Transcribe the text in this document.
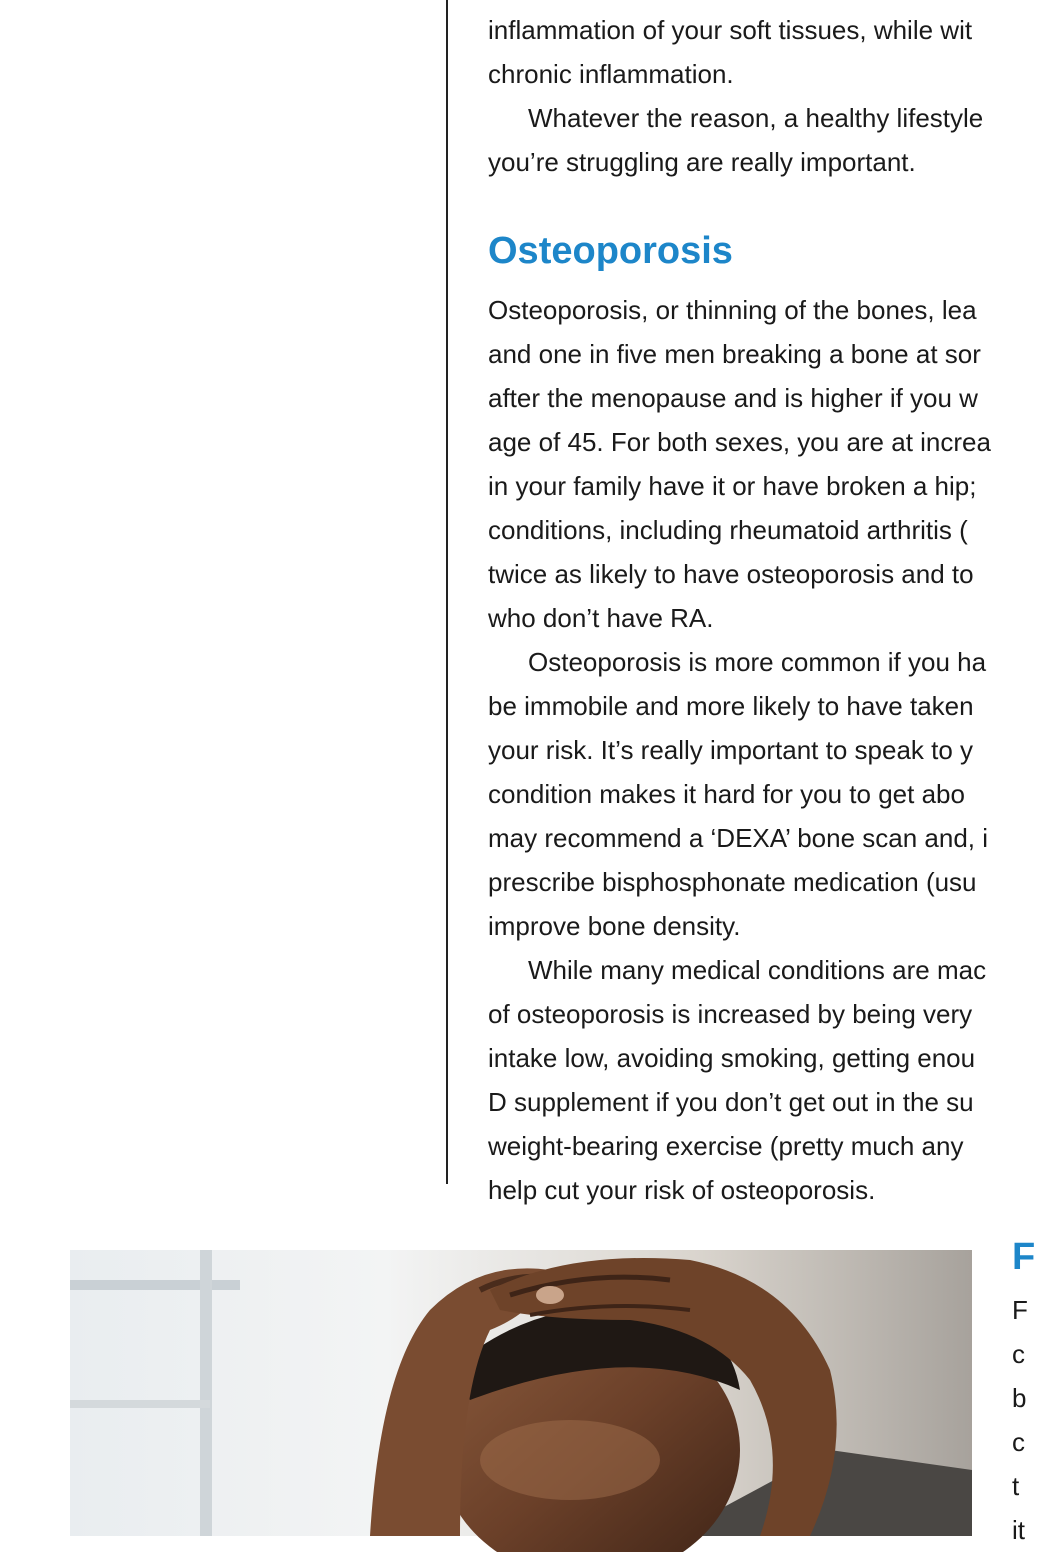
inflammation of your soft tissues, while wit
chronic inflammation.
Whatever the reason, a healthy lifestyle
you’re struggling are really important.
Osteoporosis
Osteoporosis, or thinning of the bones, lea
and one in five men breaking a bone at sor
after the menopause and is higher if you w
age of 45. For both sexes, you are at increa
in your family have it or have broken a hip;
conditions, including rheumatoid arthritis (
twice as likely to have osteoporosis and to
who don’t have RA.
Osteoporosis is more common if you ha
be immobile and more likely to have taken
your risk. It’s really important to speak to y
condition makes it hard for you to get abo
may recommend a ‘DEXA’ bone scan and, i
prescribe bisphosphonate medication (usu
improve bone density.
While many medical conditions are mac
of osteoporosis is increased by being very
intake low, avoiding smoking, getting enou
D supplement if you don’t get out in the su
weight-bearing exercise (pretty much any
help cut your risk of osteoporosis.
F
F
c
b
c
t
it
